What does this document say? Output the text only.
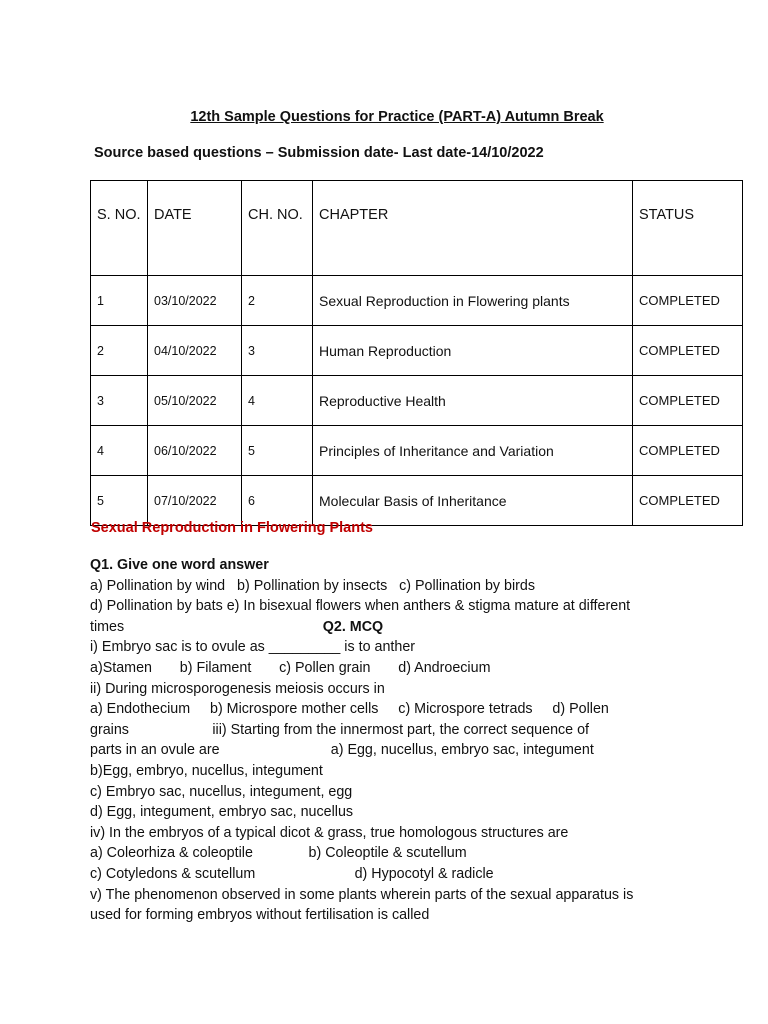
12th Sample Questions for Practice (PART-A) Autumn Break
Source based questions – Submission date- Last date-14/10/2022
S. NO.	DATE	CH. NO.	CHAPTER	STATUS
1	03/10/2022	2	Sexual Reproduction in Flowering plants	COMPLETED
2	04/10/2022	3	Human Reproduction	COMPLETED
3	05/10/2022	4	Reproductive Health	COMPLETED
4	06/10/2022	5	Principles of Inheritance and Variation	COMPLETED
5	07/10/2022	6	Molecular Basis of Inheritance	COMPLETED
Sexual Reproduction in Flowering Plants
Q1. Give one word answer
a) Pollination by wind   b) Pollination by insects   c) Pollination by birds
d) Pollination by bats e) In bisexual flowers when anthers & stigma mature at different
times                                                  Q2. MCQ
i) Embryo sac is to ovule as _________ is to anther
a)Stamen       b) Filament       c) Pollen grain       d) Androecium
ii) During microsporogenesis meiosis occurs in
a) Endothecium     b) Microspore mother cells     c) Microspore tetrads     d) Pollen
grains                     iii) Starting from the innermost part, the correct sequence of
parts in an ovule are                            a) Egg, nucellus, embryo sac, integument
b)Egg, embryo, nucellus, integument
c) Embryo sac, nucellus, integument, egg
d) Egg, integument, embryo sac, nucellus
iv) In the embryos of a typical dicot & grass, true homologous structures are
a) Coleorhiza & coleoptile              b) Coleoptile & scutellum
c) Cotyledons & scutellum                         d) Hypocotyl & radicle
v) The phenomenon observed in some plants wherein parts of the sexual apparatus is
used for forming embryos without fertilisation is called
